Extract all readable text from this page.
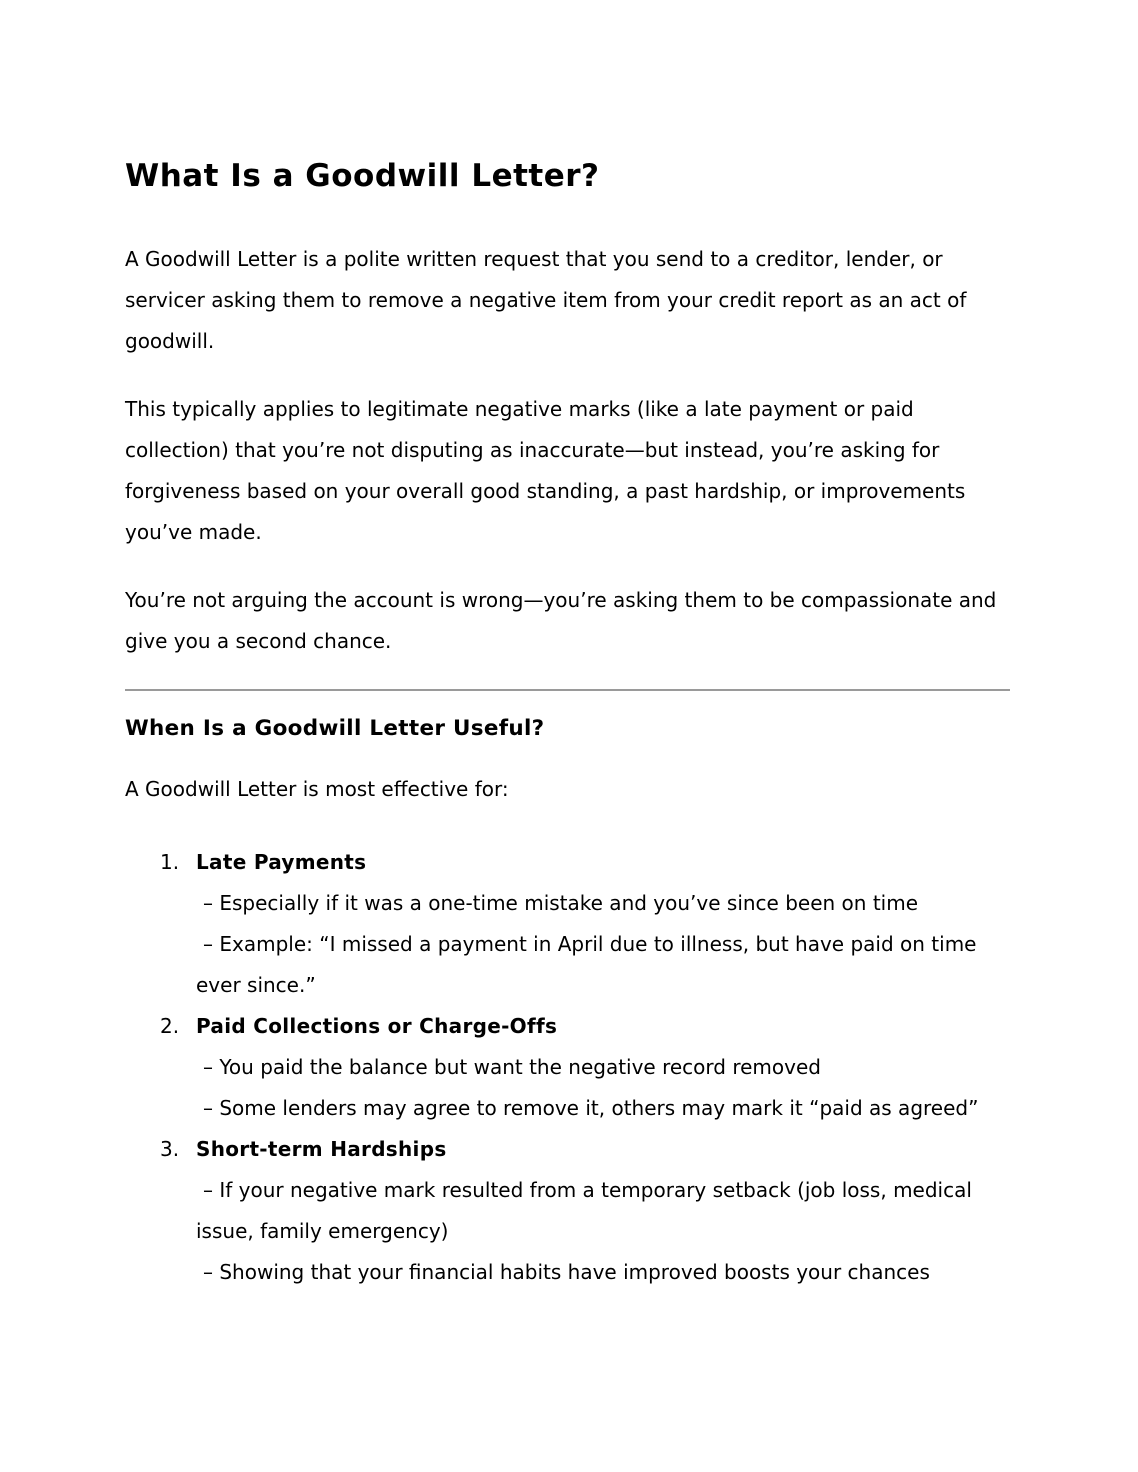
What Is a Goodwill Letter?

A Goodwill Letter is a polite written request that you send to a creditor, lender, or servicer asking them to remove a negative item from your credit report as an act of goodwill.

This typically applies to legitimate negative marks (like a late payment or paid collection) that you’re not disputing as inaccurate—but instead, you’re asking for forgiveness based on your overall good standing, a past hardship, or improvements you’ve made.

You’re not arguing the account is wrong—you’re asking them to be compassionate and give you a second chance.

When Is a Goodwill Letter Useful?

A Goodwill Letter is most effective for:

1. Late Payments
– Especially if it was a one-time mistake and you’ve since been on time
– Example: “I missed a payment in April due to illness, but have paid on time ever since.”
2. Paid Collections or Charge-Offs
– You paid the balance but want the negative record removed
– Some lenders may agree to remove it, others may mark it “paid as agreed”
3. Short-term Hardships
– If your negative mark resulted from a temporary setback (job loss, medical issue, family emergency)
– Showing that your financial habits have improved boosts your chances
